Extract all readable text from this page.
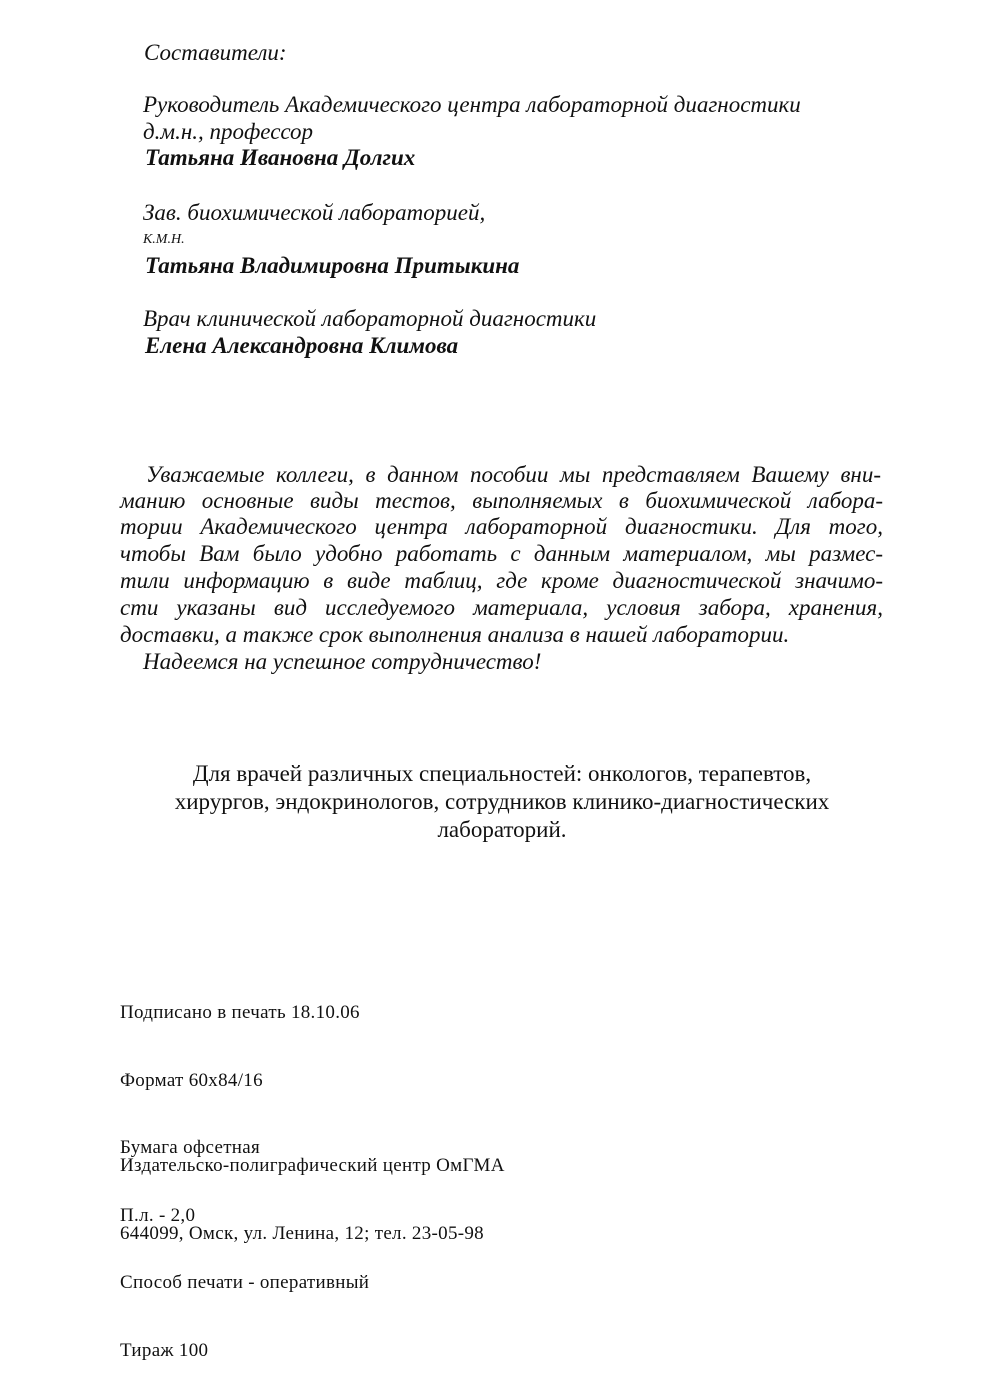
Составители:
Руководитель Академического центра лабораторной диагностики
д.м.н., профессор
Татьяна Ивановна Долгих
Зав. биохимической лабораторией,
К.М.Н.
Татьяна Владимировна Притыкина
Врач клинической лабораторной диагностики
Елена Александровна Климова
Уважаемые коллеги, в данном пособии мы представляем Вашему вни-
манию основные виды тестов, выполняемых в биохимической лабора-
тории Академического центра лабораторной диагностики. Для того,
чтобы Вам было удобно работать с данным материалом, мы размес-
тили информацию в виде таблиц, где кроме диагностической значимо-
сти указаны вид исследуемого материала, условия забора, хранения,
доставки, а также срок выполнения анализа в нашей лаборатории.
Надеемся на успешное сотрудничество!
Для врачей различных специальностей: онкологов, терапевтов,
хирургов, эндокринологов, сотрудников клинико-диагностических
лабораторий.

Подписано в печать 18.10.06

Формат 60х84/16

Бумага офсетная

П.л. - 2,0

Способ печати - оперативный

Тираж 100

Издательско-полиграфический центр ОмГМА

644099, Омск, ул. Ленина, 12; тел. 23-05-98
